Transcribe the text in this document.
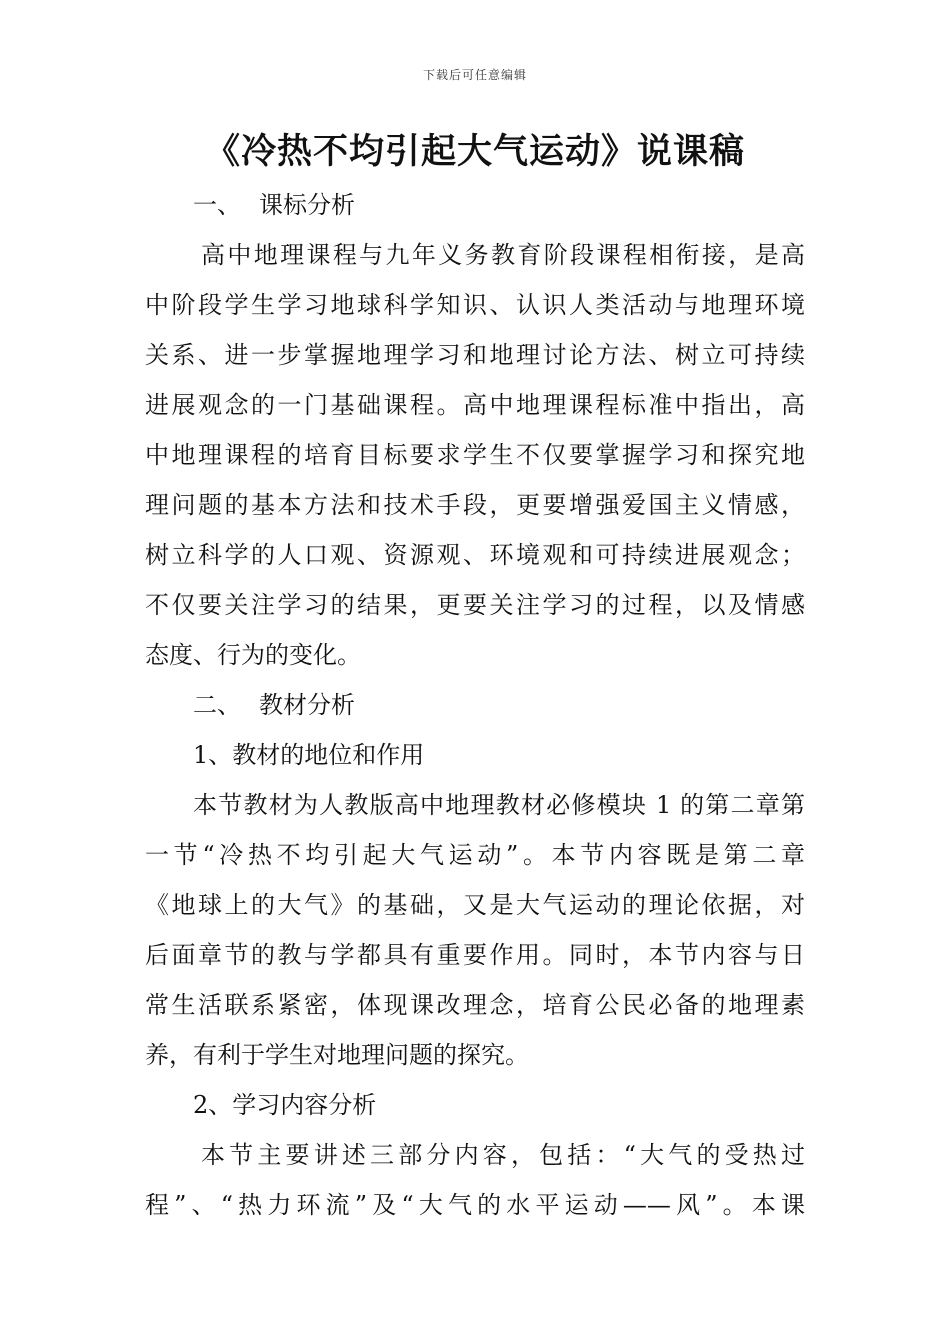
下载后可任意编辑
《冷热不均引起大气运动》说课稿
一、 课标分析
高中地理课程与九年义务教育阶段课程相衔接，是高
中阶段学生学习地球科学知识、认识人类活动与地理环境
关系、进一步掌握地理学习和地理讨论方法、树立可持续
进展观念的一门基础课程。高中地理课程标准中指出，高
中地理课程的培育目标要求学生不仅要掌握学习和探究地
理问题的基本方法和技术手段，更要增强爱国主义情感，
树立科学的人口观、资源观、环境观和可持续进展观念；
不仅要关注学习的结果，更要关注学习的过程，以及情感
态度、行为的变化。
二、 教材分析
1、教材的地位和作用
本节教材为人教版高中地理教材必修模块 1 的第二章第
一节“冷热不均引起大气运动”。本节内容既是第二章
《地球上的大气》的基础，又是大气运动的理论依据，对
后面章节的教与学都具有重要作用。同时，本节内容与日
常生活联系紧密，体现课改理念，培育公民必备的地理素
养，有利于学生对地理问题的探究。
2、学习内容分析
本节主要讲述三部分内容，包括：“大气的受热过
程”、“热力环流”及“大气的水平运动——风”。本课
